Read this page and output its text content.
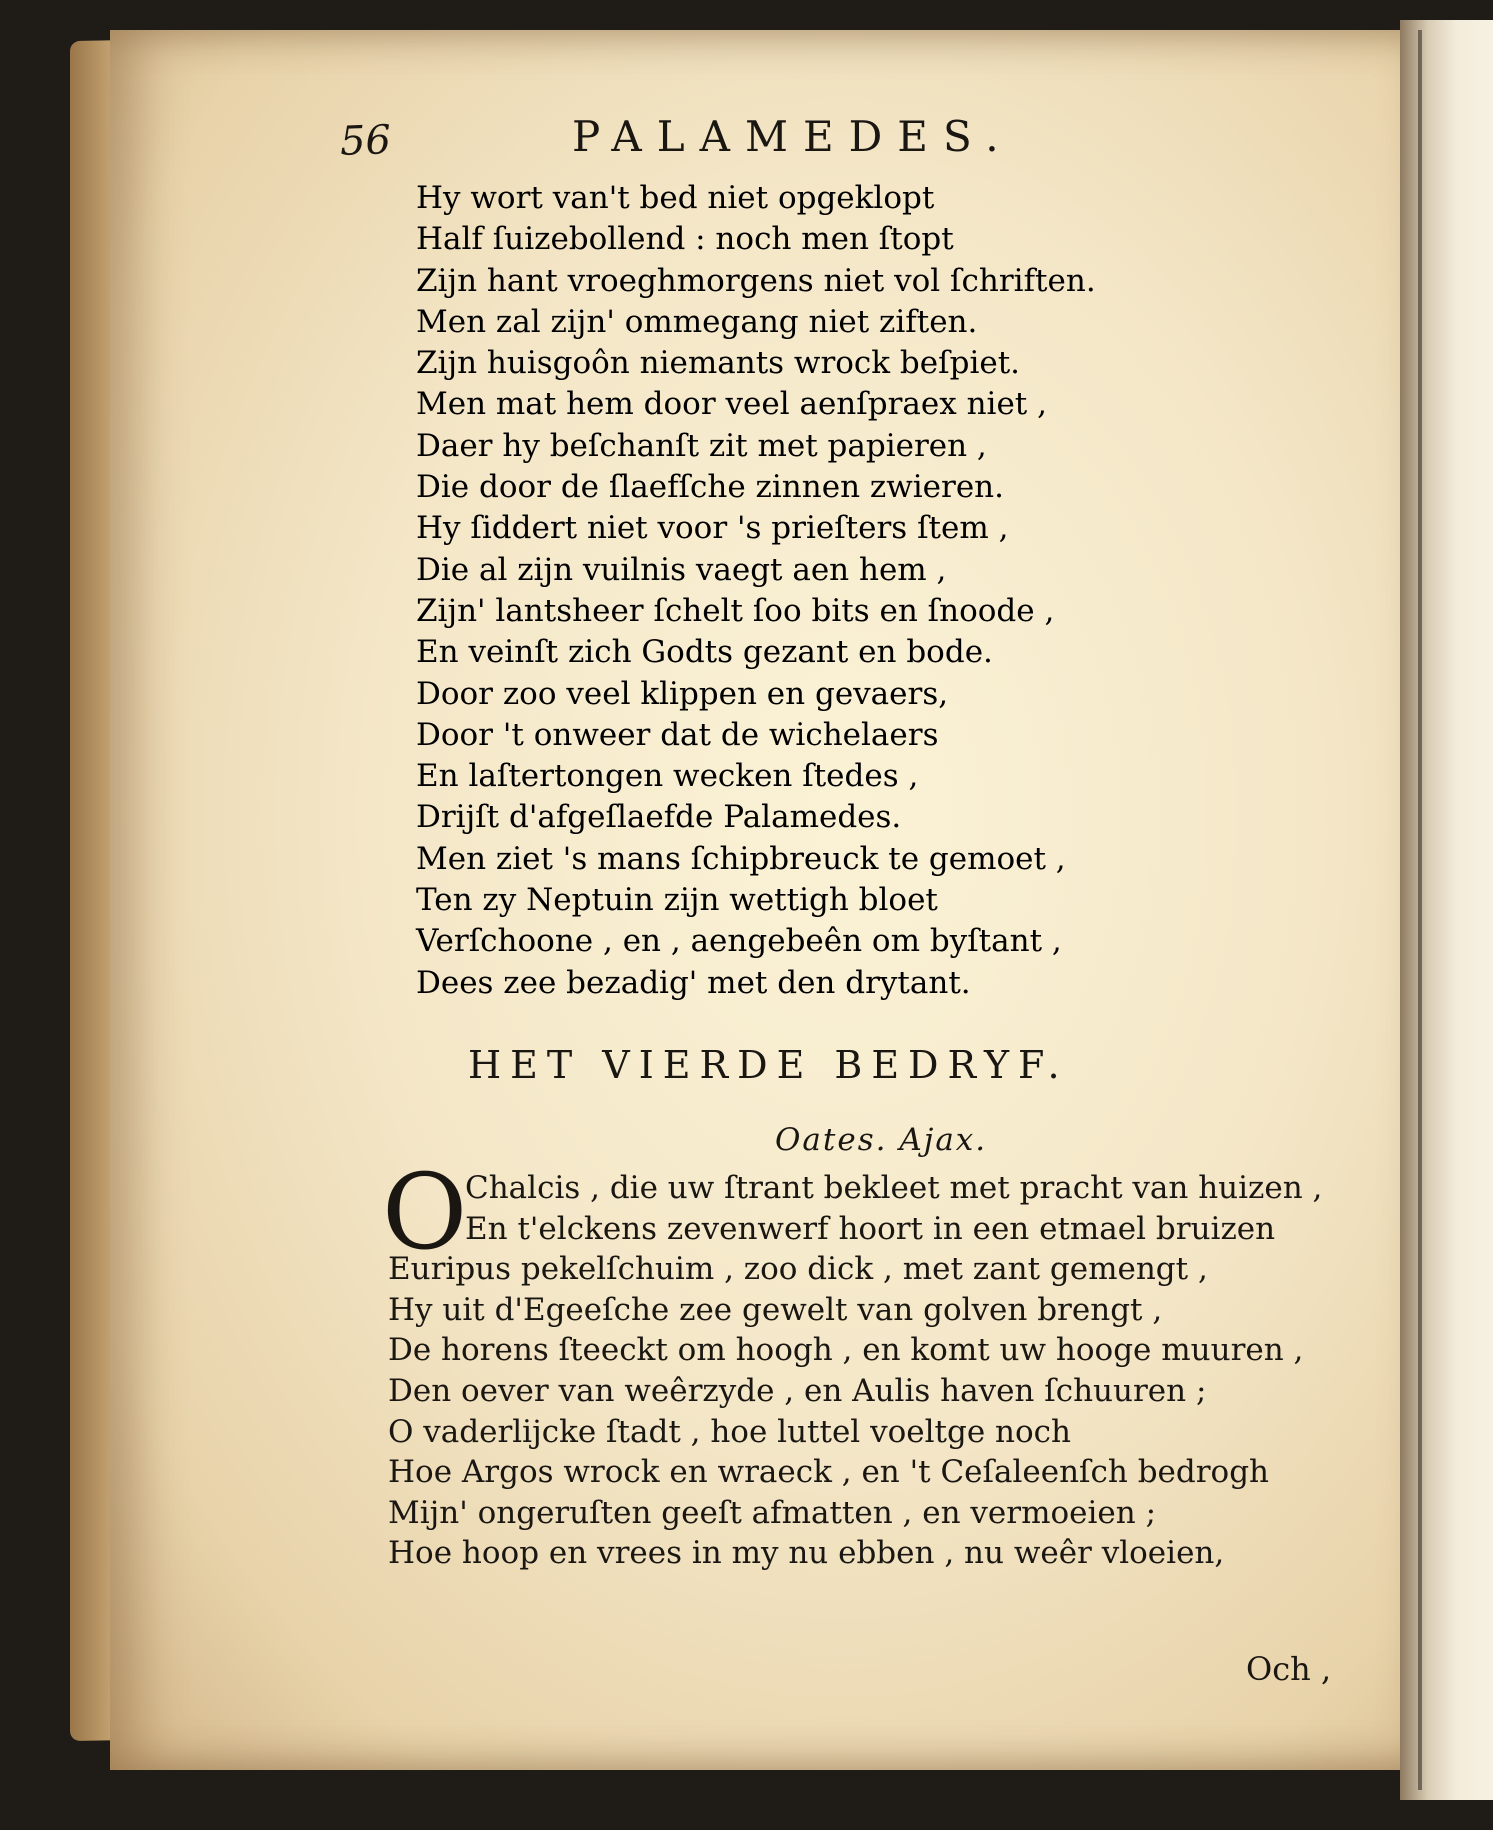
56	PALAMEDES.
Hy wort van't bed niet opgeklopt
Half ſuizebollend : noch men ſtopt
Zijn hant vroeghmorgens niet vol ſchriften.
Men zal zijn' ommegang niet ziften.
Zijn huisgoôn niemants wrock beſpiet.
Men mat hem door veel aenſpraex niet ,
Daer hy beſchanſt zit met papieren ,
Die door de ſlaefſche zinnen zwieren.
Hy ſiddert niet voor 's prieſters ſtem ,
Die al zijn vuilnis vaegt aen hem ,
Zijn' lantsheer ſchelt ſoo bits en ſnoode ,
En veinſt zich Godts gezant en bode.
Door zoo veel klippen en gevaers,
Door 't onweer dat de wichelaers
En laſtertongen wecken ſtedes ,
Drijſt d'afgeſlaefde Palamedes.
Men ziet 's mans ſchipbreuck te gemoet ,
Ten zy Neptuin zijn wettigh bloet
Verſchoone , en , aengebeên om byſtant ,
Dees zee bezadig' met den drytant.
HET VIERDE BEDRYF.
Oates. Ajax.
O
Chalcis , die uw ſtrant bekleet met pracht van huizen ,
En t'elckens zevenwerf hoort in een etmael bruizen
Euripus pekelſchuim , zoo dick , met zant gemengt ,
Hy uit d'Egeeſche zee gewelt van golven brengt ,
De horens ſteeckt om hoogh , en komt uw hooge muuren ,
Den oever van weêrzyde , en Aulis haven ſchuuren ;
O vaderlijcke ſtadt , hoe luttel voeltge noch
Hoe Argos wrock en wraeck , en 't Ceſaleenſch bedrogh
Mijn' ongeruſten geeſt afmatten , en vermoeien ;
Hoe hoop en vrees in my nu ebben , nu weêr vloeien,
Och ,
